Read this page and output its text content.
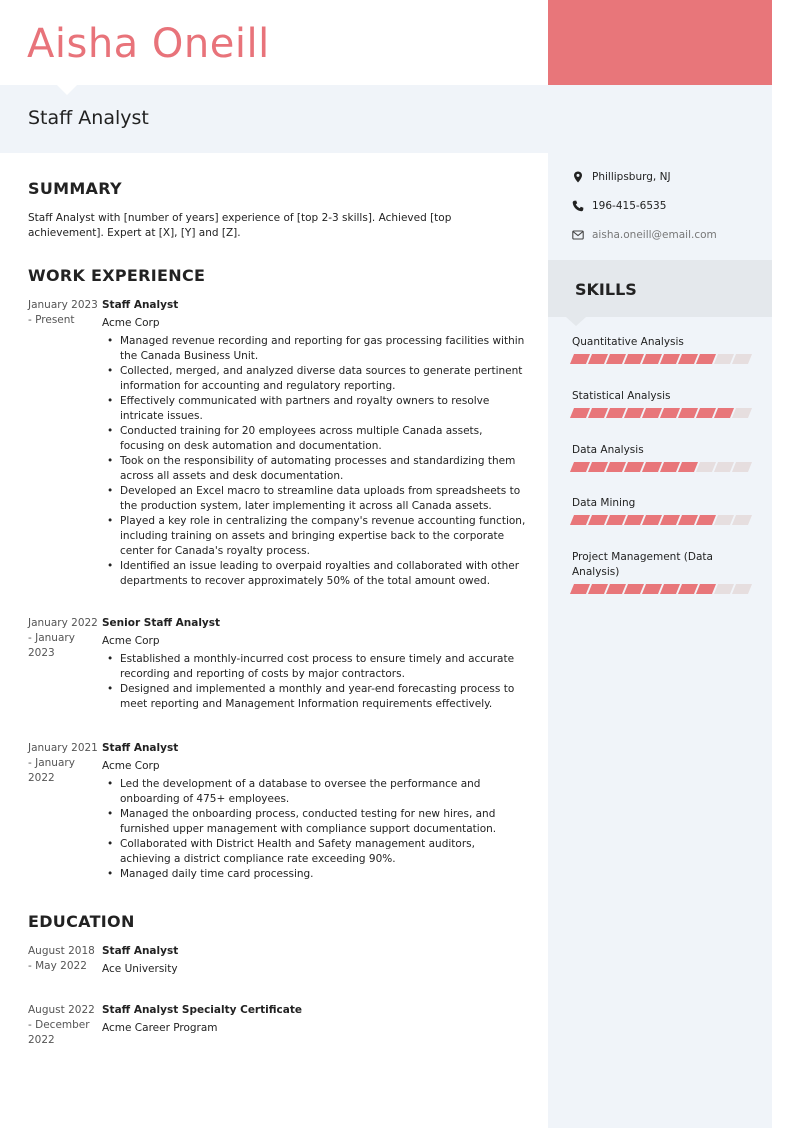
Aisha Oneill
Staff Analyst
Phillipsburg, NJ
196-415-6535
aisha.oneill@email.com
SKILLS
Quantitative Analysis
Statistical Analysis
Data Analysis
Data Mining
Project Management (Data Analysis)
SUMMARY
Staff Analyst with [number of years] experience of [top 2-3 skills]. Achieved [top achievement]. Expert at [X], [Y] and [Z].
WORK EXPERIENCE
January 2023 - Present
Staff Analyst
Acme Corp
• Managed revenue recording and reporting for gas processing facilities within the Canada Business Unit.
• Collected, merged, and analyzed diverse data sources to generate pertinent information for accounting and regulatory reporting.
• Effectively communicated with partners and royalty owners to resolve intricate issues.
• Conducted training for 20 employees across multiple Canada assets, focusing on desk automation and documentation.
• Took on the responsibility of automating processes and standardizing them across all assets and desk documentation.
• Developed an Excel macro to streamline data uploads from spreadsheets to the production system, later implementing it across all Canada assets.
• Played a key role in centralizing the company's revenue accounting function, including training on assets and bringing expertise back to the corporate center for Canada's royalty process.
• Identified an issue leading to overpaid royalties and collaborated with other departments to recover approximately 50% of the total amount owed.
January 2022 - January 2023
Senior Staff Analyst
Acme Corp
• Established a monthly-incurred cost process to ensure timely and accurate recording and reporting of costs by major contractors.
• Designed and implemented a monthly and year-end forecasting process to meet reporting and Management Information requirements effectively.
January 2021 - January 2022
Staff Analyst
Acme Corp
• Led the development of a database to oversee the performance and onboarding of 475+ employees.
• Managed the onboarding process, conducted testing for new hires, and furnished upper management with compliance support documentation.
• Collaborated with District Health and Safety management auditors, achieving a district compliance rate exceeding 90%.
• Managed daily time card processing.
EDUCATION
August 2018 - May 2022
Staff Analyst
Ace University
August 2022 - December 2022
Staff Analyst Specialty Certificate
Acme Career Program
